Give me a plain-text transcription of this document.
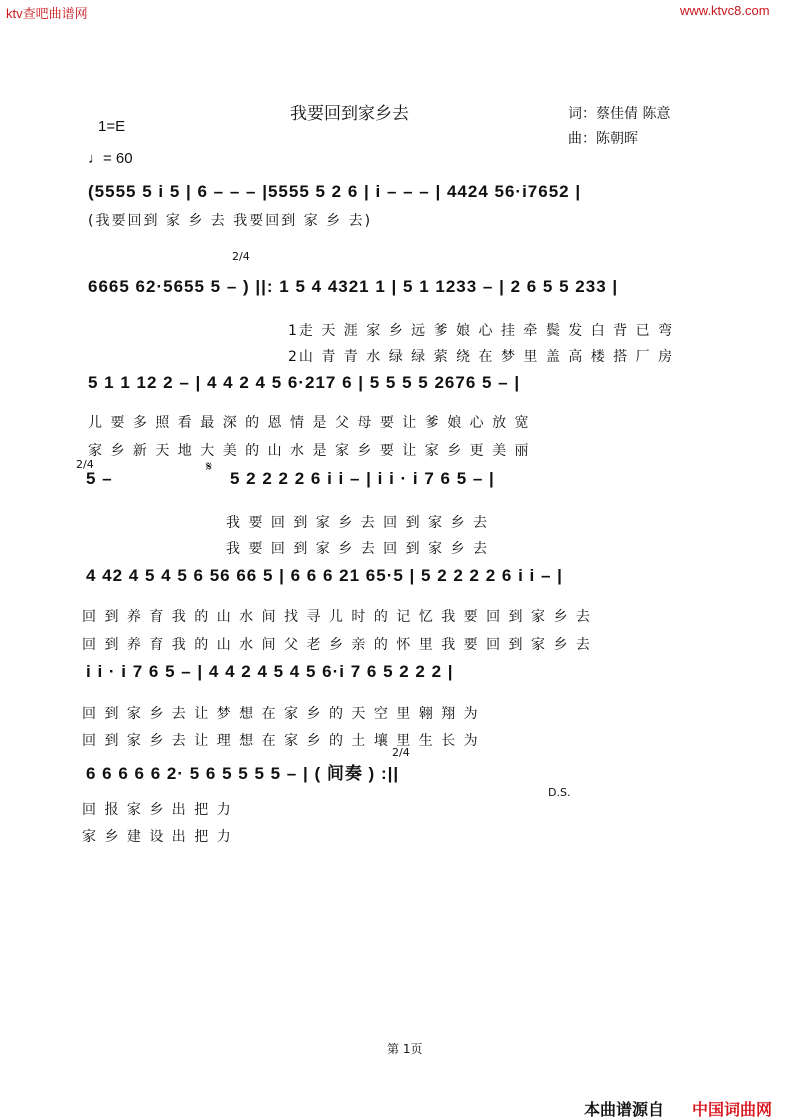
ktv查吧曲谱网	www.ktvc8.com
我要回到家乡去	词：蔡佳倩 陈意
曲：陈朝晖
1=E
♩= 60
(5555 5 i 5 | 6 – – – |5555 5 2 6 | i – – – | 4424 56·i7652 |
(我要回到 家 乡 去 我要回到 家 乡 去)
2/4
6665 62·5655 5 – ) ||: 1 5 4 4321 1 | 5 1 1233 – | 2 6 5 5 233 |
1走 天 涯 家 乡 远 爹 娘 心 挂 牵 鬓 发 白 背 已 弯
2山 青 青 水 绿 绿 萦 绕 在 梦 里 盖 高 楼 搭 厂 房
5 1 1 12 2 – | 4 4 2 4 5 6·217 6 | 5 5 5 5 2676 5 – |
儿 要 多 照 看 最 深 的 恩 情 是 父 母 要 让 爹 娘 心 放 宽
家 乡 新 天 地 大 美 的 山 水 是 家 乡 要 让 家 乡 更 美 丽
2/4
5 –
𝄋
5 2 2 2 2 6 i i – | i i · i 7 6 5 – |
我 要 回 到 家 乡 去 回 到 家 乡 去
我 要 回 到 家 乡 去 回 到 家 乡 去
4 42 4 5 4 5 6 56 66 5 | 6 6 6 21 65·5 | 5 2 2 2 2 6 i i – |
回 到 养 育 我 的 山 水 间 找 寻 儿 时 的 记 忆 我 要 回 到 家 乡 去
回 到 养 育 我 的 山 水 间 父 老 乡 亲 的 怀 里 我 要 回 到 家 乡 去
i i · i 7 6 5 – | 4 4 2 4 5 4 5 6·i 7 6 5 2 2 2 |
回 到 家 乡 去 让 梦 想 在 家 乡 的 天 空 里 翱 翔 为
回 到 家 乡 去 让 理 想 在 家 乡 的 土 壤 里 生 长 为
2/4
6 6 6 6 6 2· 5 6 5 5 5 5 – | ( 间奏 ) :||
D.S.
回 报 家 乡 出 把 力
家 乡 建 设 出 把 力
第 1页
本曲谱源自 中国词曲网
